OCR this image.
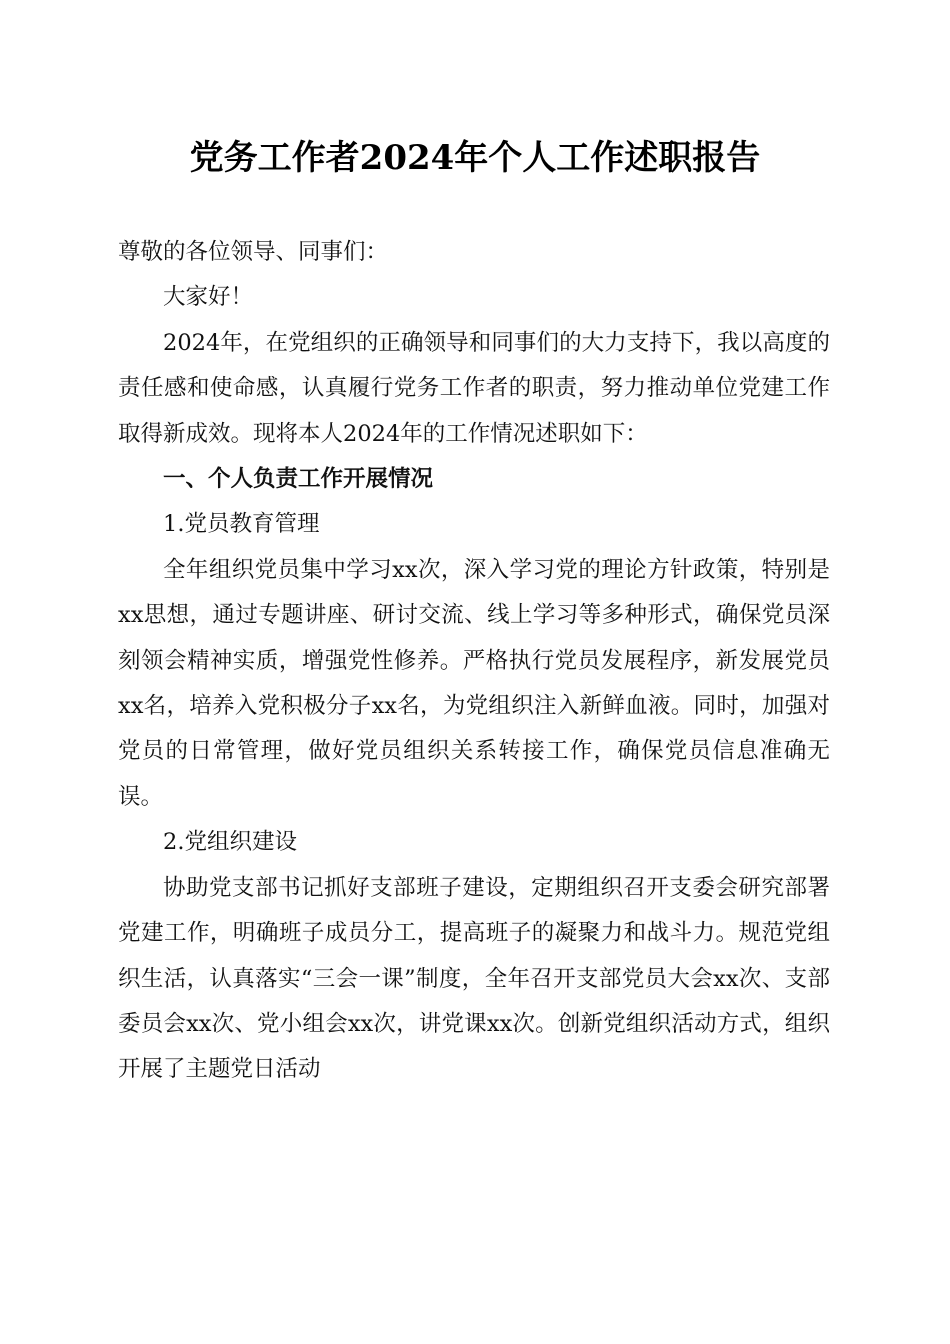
党务工作者2024年个人工作述职报告

尊敬的各位领导、同事们：

大家好！

2024年，在党组织的正确领导和同事们的大力支持下，我以高度的责任感和使命感，认真履行党务工作者的职责，努力推动单位党建工作取得新成效。现将本人2024年的工作情况述职如下：

一、个人负责工作开展情况

1.党员教育管理

全年组织党员集中学习xx次，深入学习党的理论方针政策，特别是xx思想，通过专题讲座、研讨交流、线上学习等多种形式，确保党员深刻领会精神实质，增强党性修养。严格执行党员发展程序，新发展党员xx名，培养入党积极分子xx名，为党组织注入新鲜血液。同时，加强对党员的日常管理，做好党员组织关系转接工作，确保党员信息准确无误。

2.党组织建设

协助党支部书记抓好支部班子建设，定期组织召开支委会研究部署党建工作，明确班子成员分工，提高班子的凝聚力和战斗力。规范党组织生活，认真落实“三会一课”制度，全年召开支部党员大会xx次、支部委员会xx次、党小组会xx次，讲党课xx次。创新党组织活动方式，组织开展了主题党日活动
